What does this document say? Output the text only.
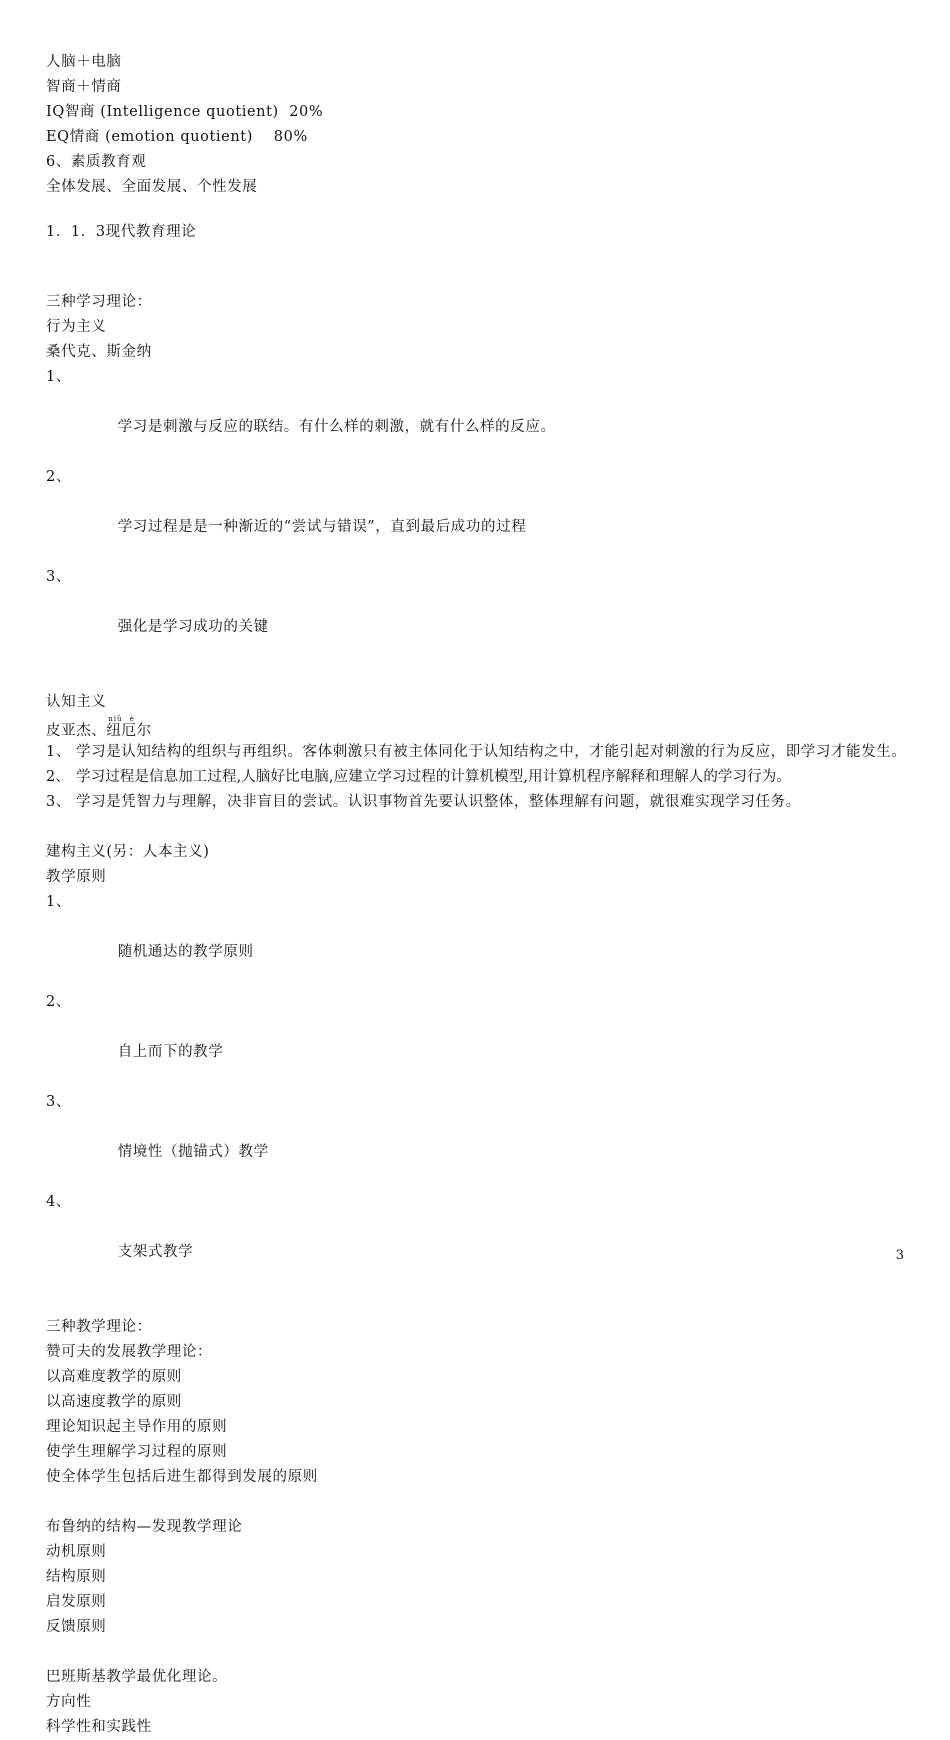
人脑＋电脑
智商＋情商
IQ智商 (Intelligence quotient)  20%
EQ情商 (emotion quotient)    80%
6、素质教育观
全体发展、全面发展、个性发展
1．1．3现代教育理论
三种学习理论：
行为主义
桑代克、斯金纳

1、

学习是刺激与反应的联结。有什么样的刺激，就有什么样的反应。

2、

学习过程是是一种渐近的“尝试与错误”，直到最后成功的过程

3、

强化是学习成功的关键

认知主义
皮亚杰、纽厄niǔ è尔
1、 学习是认知结构的组织与再组织。客体刺激只有被主体同化于认知结构之中，才能引起对刺激的行为反应，即学习才能发生。
2、 学习过程是信息加工过程,人脑好比电脑,应建立学习过程的计算机模型,用计算机程序解释和理解人的学习行为。
3、 学习是凭智力与理解，决非盲目的尝试。认识事物首先要认识整体，整体理解有问题，就很难实现学习任务。
建构主义(另：人本主义)
教学原则

1、

随机通达的教学原则

2、

自上而下的教学

3、

情境性（抛锚式）教学

4、

支架式教学

三种教学理论：
赞可夫的发展教学理论：
以高难度教学的原则
以高速度教学的原则
理论知识起主导作用的原则
使学生理解学习过程的原则
使全体学生包括后进生都得到发展的原则
布鲁纳的结构—发现教学理论
动机原则
结构原则
启发原则
反馈原则
巴班斯基教学最优化理论。
方向性
科学性和实践性
3
